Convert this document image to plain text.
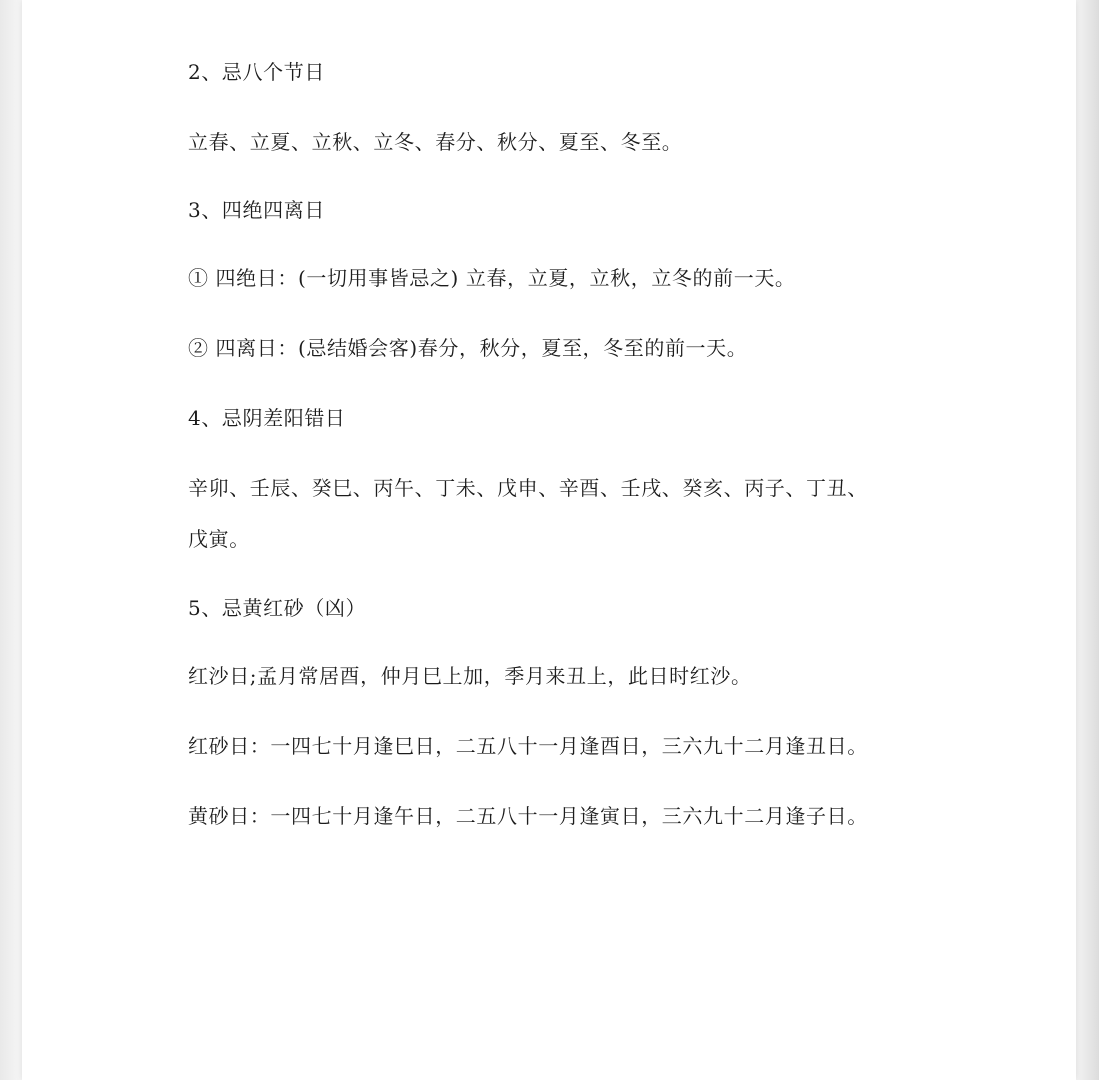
2、忌八个节日

立春、立夏、立秋、立冬、春分、秋分、夏至、冬至。

3、四绝四离日

① 四绝日：(一切用事皆忌之) 立春，立夏，立秋，立冬的前一天。

② 四离日：(忌结婚会客)春分，秋分，夏至，冬至的前一天。

4、忌阴差阳错日

辛卯、壬辰、癸巳、丙午、丁未、戊申、辛酉、壬戌、癸亥、丙子、丁丑、

戊寅。

5、忌黄红砂（凶）

红沙日;孟月常居酉，仲月巳上加，季月来丑上，此日时红沙。

红砂日：一四七十月逢巳日，二五八十一月逢酉日，三六九十二月逢丑日。

黄砂日：一四七十月逢午日，二五八十一月逢寅日，三六九十二月逢子日。
